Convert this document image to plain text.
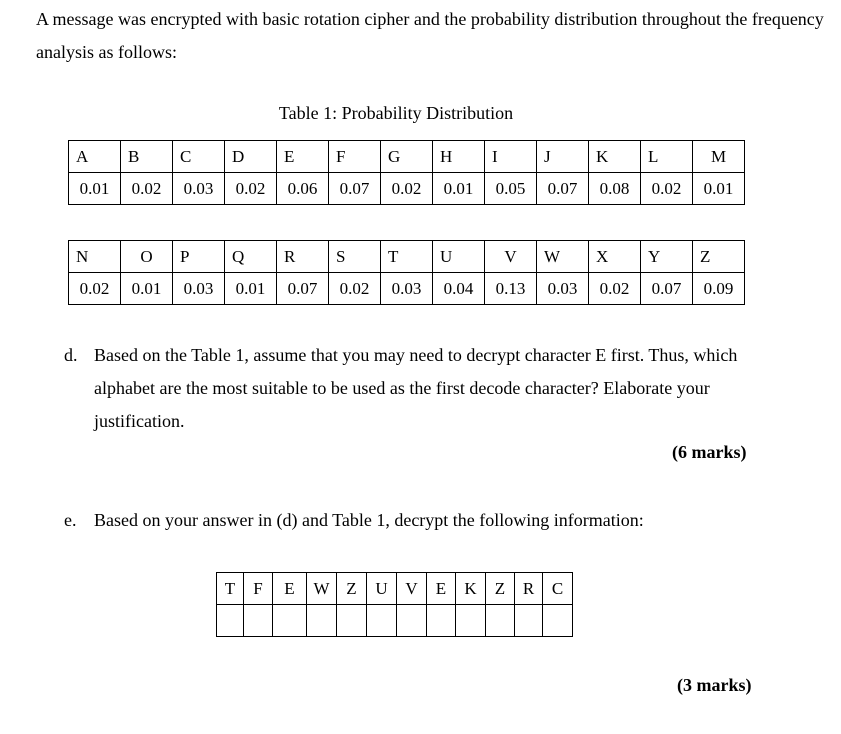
A message was encrypted with basic rotation cipher and the probability distribution throughout the frequency analysis as follows:

Table 1: Probability Distribution

A	B	C	D	E	F	G	H	I	J	K	L	M
0.01	0.02	0.03	0.02	0.06	0.07	0.02	0.01	0.05	0.07	0.08	0.02	0.01
N	O	P	Q	R	S	T	U	V	W	X	Y	Z
0.02	0.01	0.03	0.01	0.07	0.02	0.03	0.04	0.13	0.03	0.02	0.07	0.09
d. Based on the Table 1, assume that you may need to decrypt character E first. Thus, which alphabet are the most suitable to be used as the first decode character? Elaborate your justification.

(6 marks)

e. Based on your answer in (d) and Table 1, decrypt the following information:
T	F	E	W	Z	U	V	E	K	Z	R	C

(3 marks)
